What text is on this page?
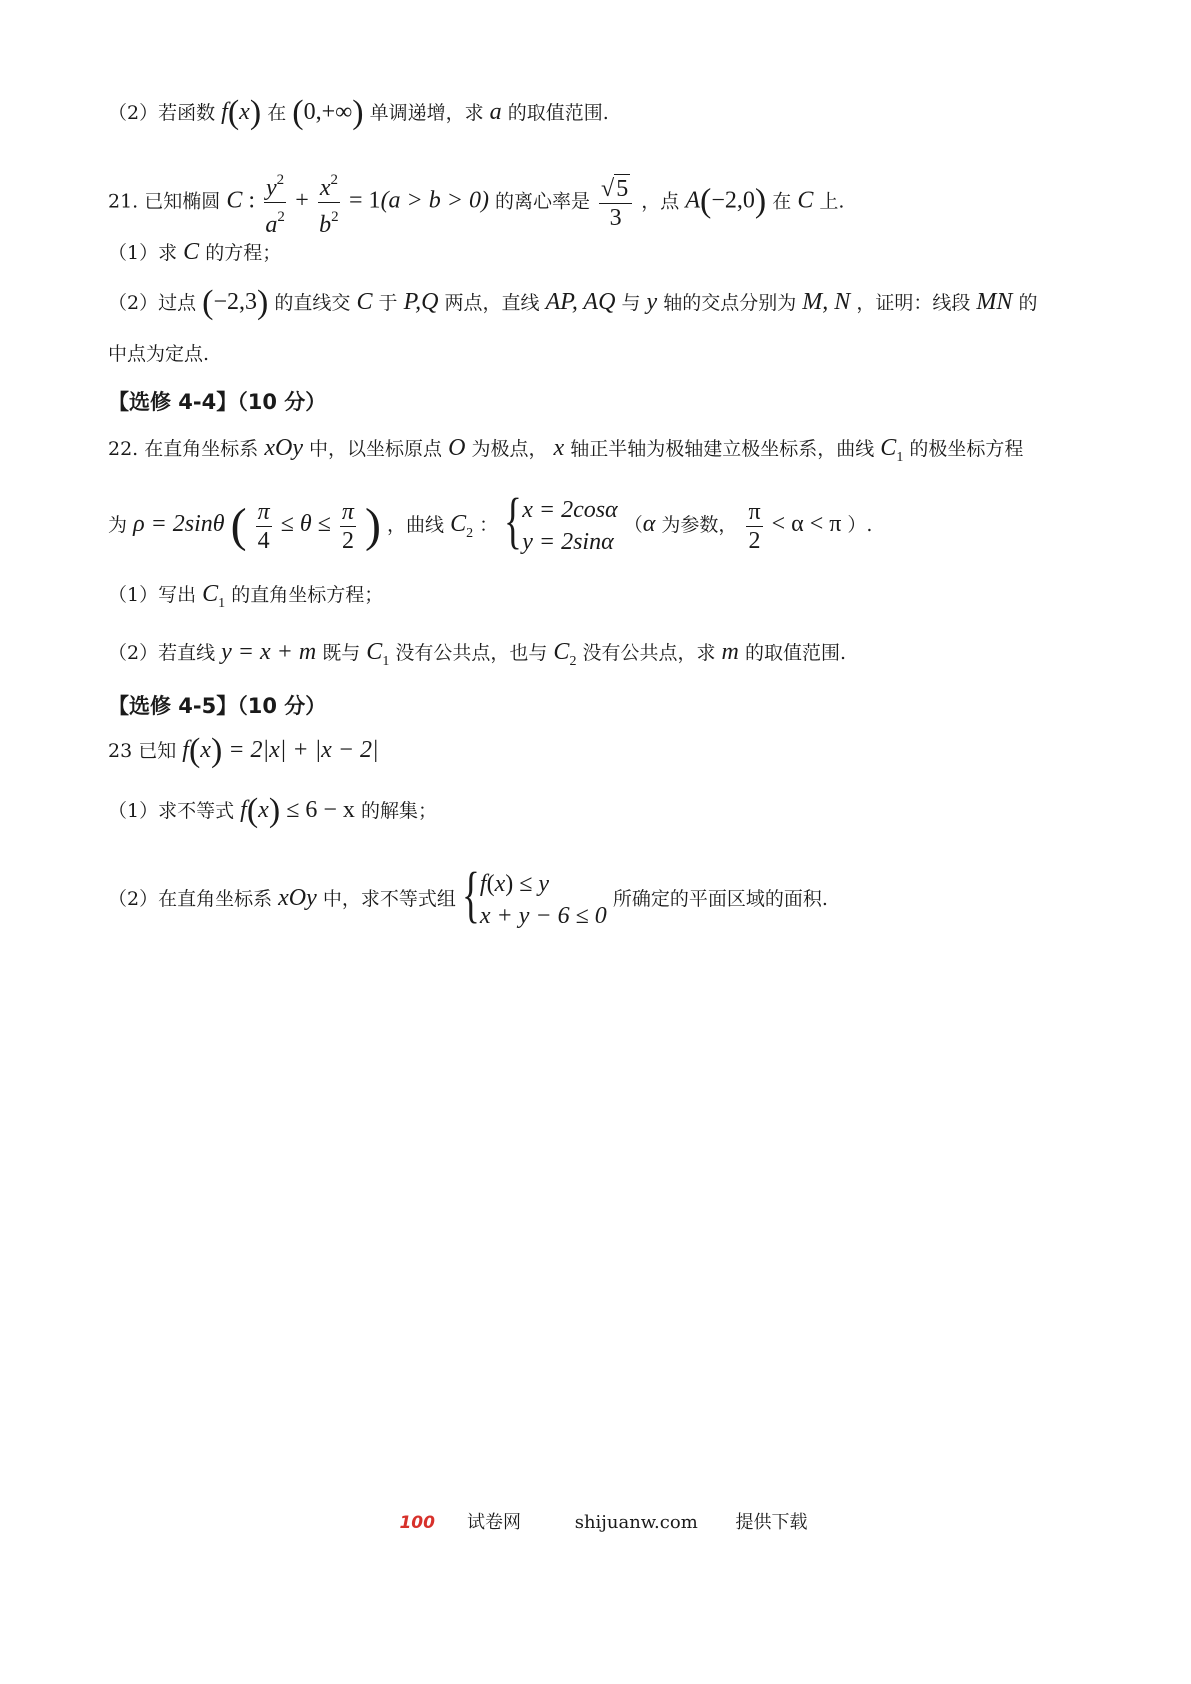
（2）若函数 f(x) 在 (0,+∞) 单调递增，求 a 的取值范围.
21. 已知椭圆 C : $\frac{y^2}{a^2} + \frac{x^2}{b^2} = 1(a > b > 0)$ 的离心率是 $\frac{√5}{3}$ ，点 A(−2,0) 在 C 上.
（1）求 C 的方程；
（2）过点 (−2,3) 的直线交 C 于 P,Q 两点，直线 AP, AQ 与 y 轴的交点分别为 M, N ，证明：线段 MN 的
中点为定点.
【选修 4-4】（10 分）
22. 在直角坐标系 xOy 中，以坐标原点 O 为极点， x 轴正半轴为极轴建立极坐标系，曲线 $C_1$ 的极坐标方程
为 ρ = 2sinθ ( $\frac{\pi}{4} \le \theta \le \frac{\pi}{2}$ ) ，曲线 $C_2$ ： { x = 2cosα
y = 2sinα
（α 为参数， $\frac{\pi}{2} < \alpha < \pi$ ）.
（1）写出 $C_1$ 的直角坐标方程；
（2）若直线 y = x + m 既与 $C_1$ 没有公共点，也与 $C_2$ 没有公共点，求 m 的取值范围.
【选修 4-5】（10 分）
23 已知 f(x) = 2|x| + |x − 2|
（1）求不等式 f(x) ≤ 6 − x 的解集；
（2）在直角坐标系 xOy 中，求不等式组 { f(x) ≤ y
x + y − 6 ≤ 0
所确定的平面区域的面积.
100 试卷网	shijuanw.com 提供下载
